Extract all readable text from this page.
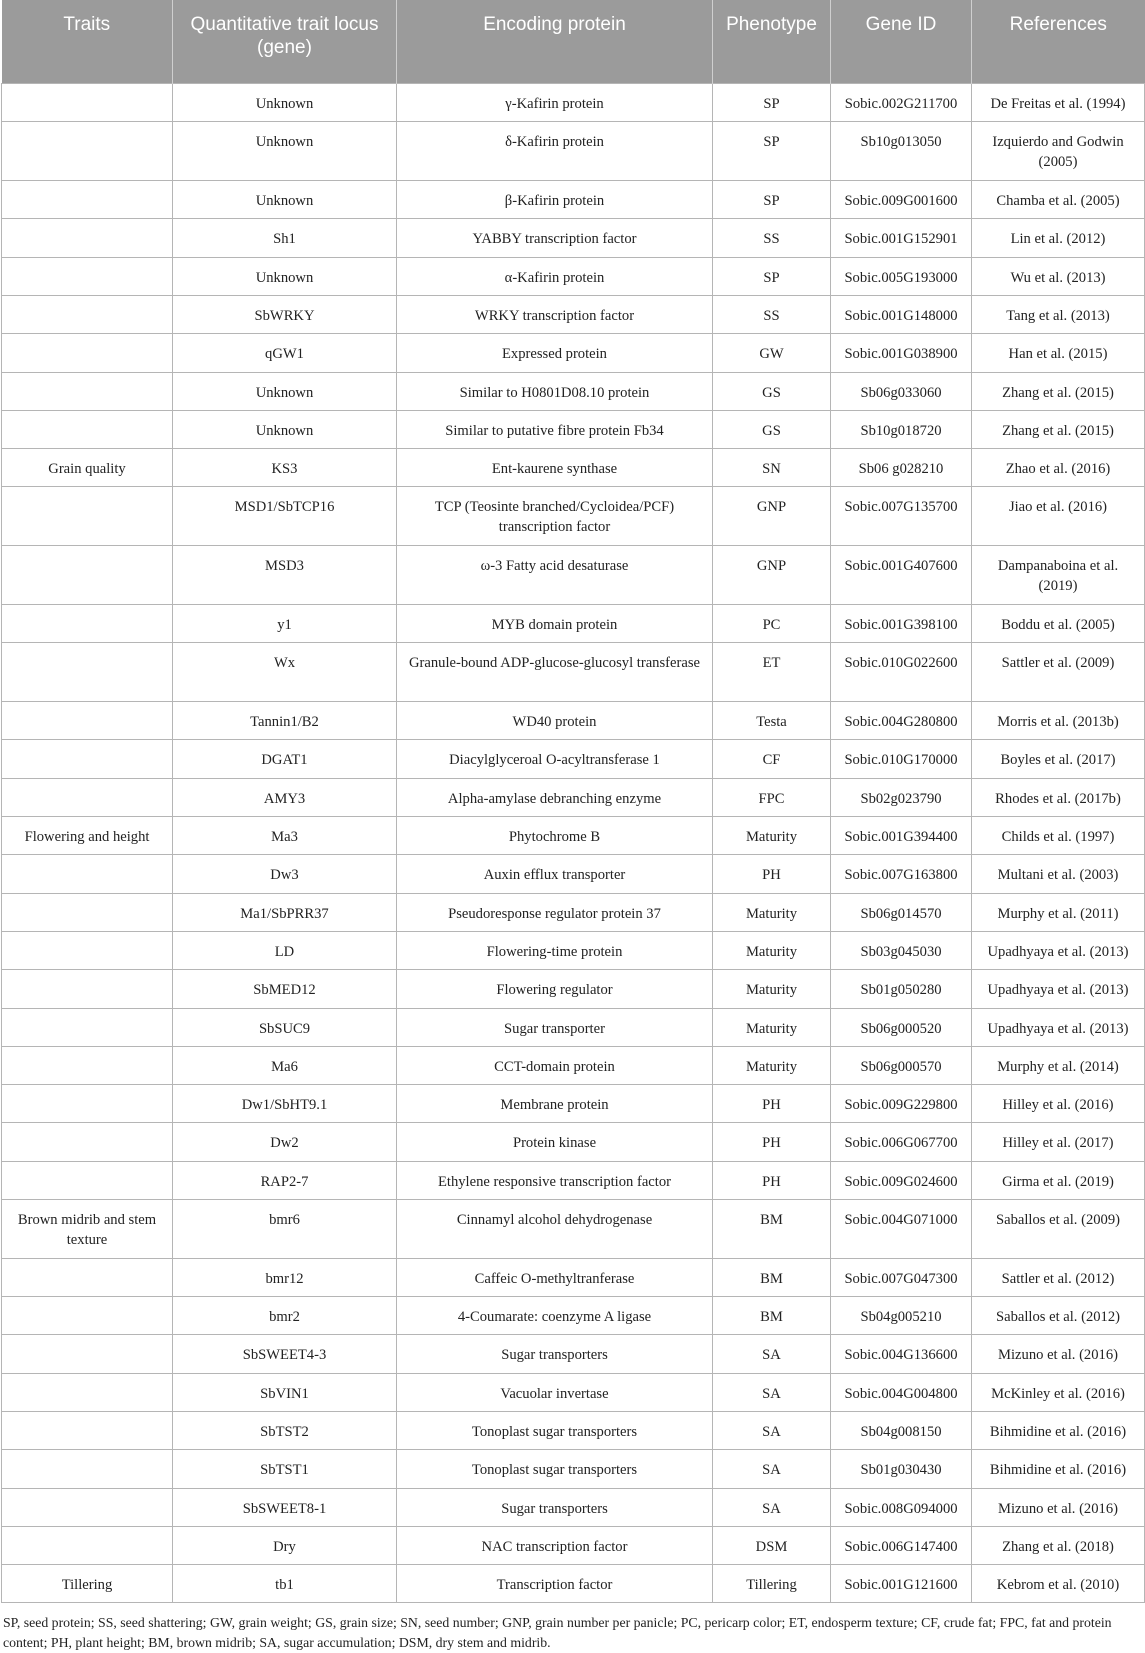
Traits	Quantitative trait locus (gene)	Encoding protein	Phenotype	Gene ID	References
	Unknown	γ-Kafirin protein	SP	Sobic.002G211700	De Freitas et al. (1994)
	Unknown	δ-Kafirin protein	SP	Sb10g013050	Izquierdo and Godwin (2005)
	Unknown	β-Kafirin protein	SP	Sobic.009G001600	Chamba et al. (2005)
	Sh1	YABBY transcription factor	SS	Sobic.001G152901	Lin et al. (2012)
	Unknown	α-Kafirin protein	SP	Sobic.005G193000	Wu et al. (2013)
	SbWRKY	WRKY transcription factor	SS	Sobic.001G148000	Tang et al. (2013)
	qGW1	Expressed protein	GW	Sobic.001G038900	Han et al. (2015)
	Unknown	Similar to H0801D08.10 protein	GS	Sb06g033060	Zhang et al. (2015)
	Unknown	Similar to putative fibre protein Fb34	GS	Sb10g018720	Zhang et al. (2015)
Grain quality	KS3	Ent-kaurene synthase	SN	Sb06 g028210	Zhao et al. (2016)
	MSD1/SbTCP16	TCP (Teosinte branched/Cycloidea/PCF) transcription factor	GNP	Sobic.007G135700	Jiao et al. (2016)
	MSD3	ω-3 Fatty acid desaturase	GNP	Sobic.001G407600	Dampanaboina et al. (2019)
	y1	MYB domain protein	PC	Sobic.001G398100	Boddu et al. (2005)
	Wx	Granule-bound ADP-glucose-glucosyl transferase	ET	Sobic.010G022600	Sattler et al. (2009)
	Tannin1/B2	WD40 protein	Testa	Sobic.004G280800	Morris et al. (2013b)
	DGAT1	Diacylglyceroal O-acyltransferase 1	CF	Sobic.010G170000	Boyles et al. (2017)
	AMY3	Alpha-amylase debranching enzyme	FPC	Sb02g023790	Rhodes et al. (2017b)
Flowering and height	Ma3	Phytochrome B	Maturity	Sobic.001G394400	Childs et al. (1997)
	Dw3	Auxin efflux transporter	PH	Sobic.007G163800	Multani et al. (2003)
	Ma1/SbPRR37	Pseudoresponse regulator protein 37	Maturity	Sb06g014570	Murphy et al. (2011)
	LD	Flowering-time protein	Maturity	Sb03g045030	Upadhyaya et al. (2013)
	SbMED12	Flowering regulator	Maturity	Sb01g050280	Upadhyaya et al. (2013)
	SbSUC9	Sugar transporter	Maturity	Sb06g000520	Upadhyaya et al. (2013)
	Ma6	CCT-domain protein	Maturity	Sb06g000570	Murphy et al. (2014)
	Dw1/SbHT9.1	Membrane protein	PH	Sobic.009G229800	Hilley et al. (2016)
	Dw2	Protein kinase	PH	Sobic.006G067700	Hilley et al. (2017)
	RAP2-7	Ethylene responsive transcription factor	PH	Sobic.009G024600	Girma et al. (2019)
Brown midrib and stem texture	bmr6	Cinnamyl alcohol dehydrogenase	BM	Sobic.004G071000	Saballos et al. (2009)
	bmr12	Caffeic O-methyltranferase	BM	Sobic.007G047300	Sattler et al. (2012)
	bmr2	4-Coumarate: coenzyme A ligase	BM	Sb04g005210	Saballos et al. (2012)
	SbSWEET4-3	Sugar transporters	SA	Sobic.004G136600	Mizuno et al. (2016)
	SbVIN1	Vacuolar invertase	SA	Sobic.004G004800	McKinley et al. (2016)
	SbTST2	Tonoplast sugar transporters	SA	Sb04g008150	Bihmidine et al. (2016)
	SbTST1	Tonoplast sugar transporters	SA	Sb01g030430	Bihmidine et al. (2016)
	SbSWEET8-1	Sugar transporters	SA	Sobic.008G094000	Mizuno et al. (2016)
	Dry	NAC transcription factor	DSM	Sobic.006G147400	Zhang et al. (2018)
Tillering	tb1	Transcription factor	Tillering	Sobic.001G121600	Kebrom et al. (2010)
SP, seed protein; SS, seed shattering; GW, grain weight; GS, grain size; SN, seed number; GNP, grain number per panicle; PC, pericarp color; ET, endosperm texture; CF, crude fat; FPC, fat and protein content; PH, plant height; BM, brown midrib; SA, sugar accumulation; DSM, dry stem and midrib.
